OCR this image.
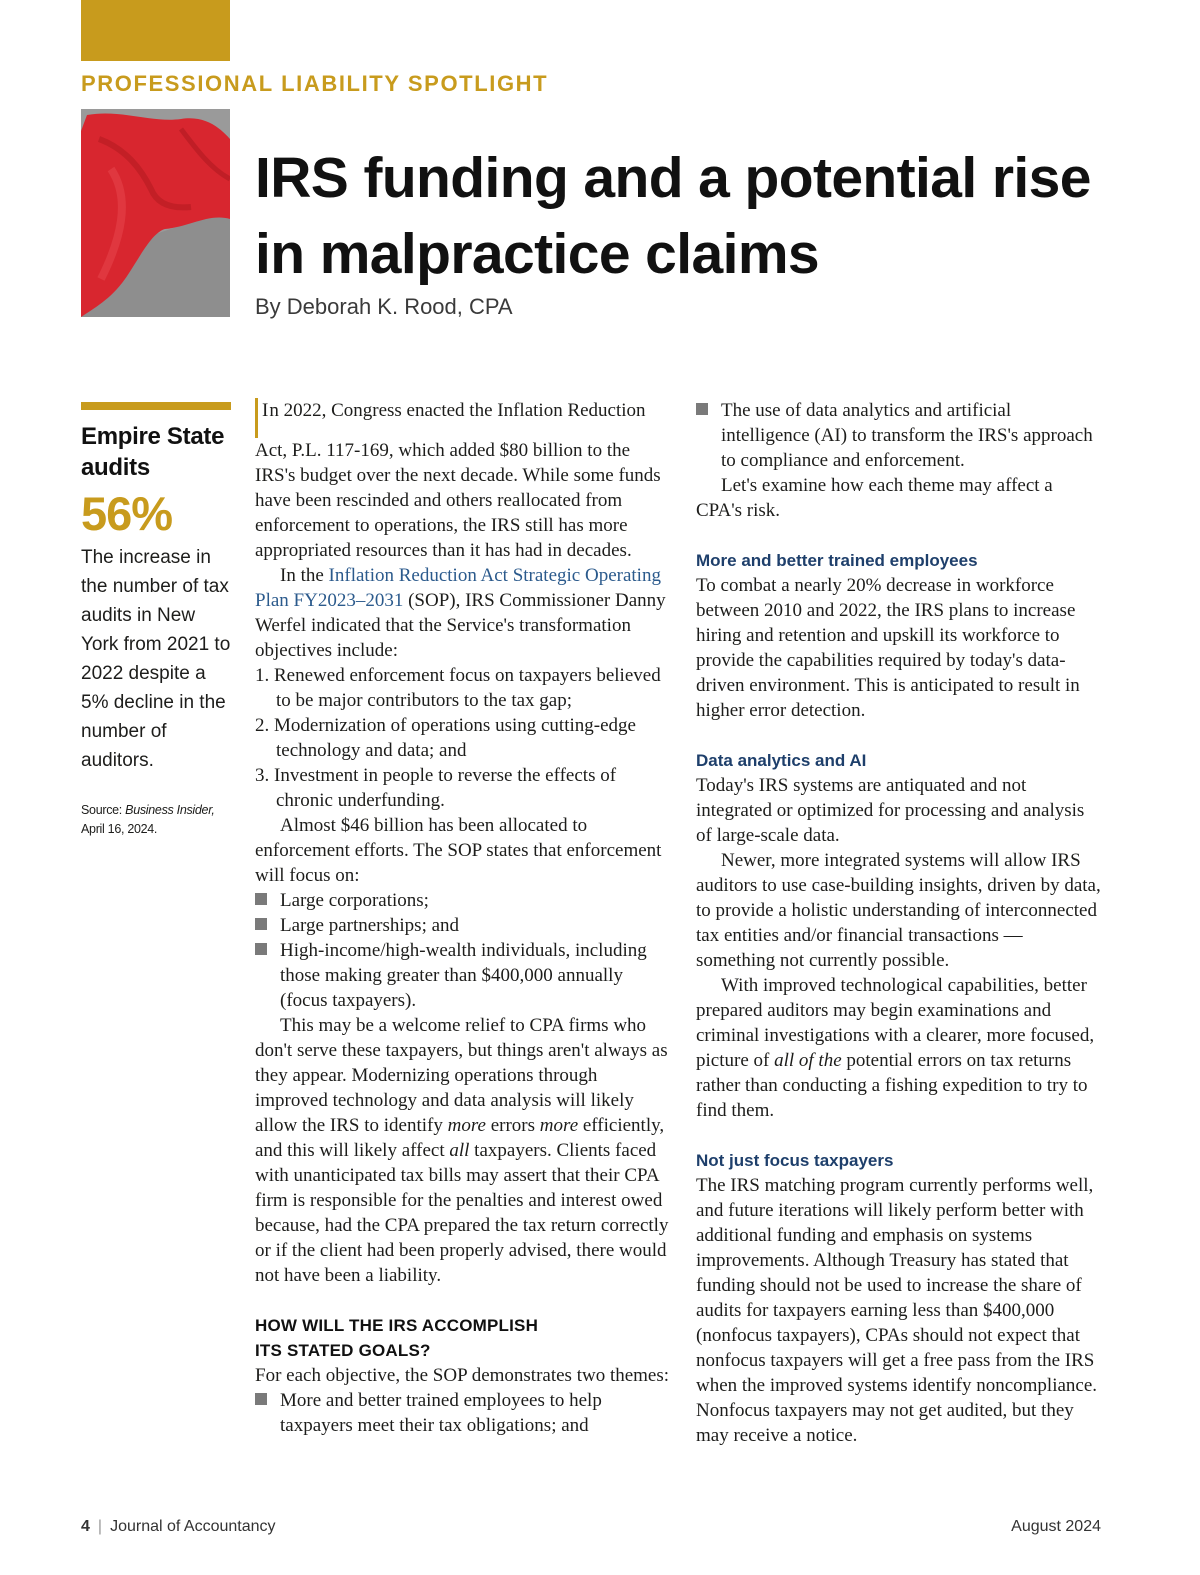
PROFESSIONAL LIABILITY SPOTLIGHT
IRS funding and a potential rise
in malpractice claims
By Deborah K. Rood, CPA
Empire State audits
56%
The increase in the number of tax audits in New York from 2021 to 2022 despite a 5% decline in the number of auditors.
Source: Business Insider,
April 16, 2024.

In 2022, Congress enacted the Inflation Reduction Act, P.L. 117-169, which added $80 billion to the IRS's budget over the next decade. While some funds have been rescinded and others reallocated from enforcement to operations, the IRS still has more appropriated resources than it has had in decades.

In the Inflation Reduction Act Strategic Operating Plan FY2023–2031 (SOP), IRS Commissioner Danny Werfel indicated that the Service's transformation objectives include:

1. Renewed enforcement focus on taxpayers believed to be major contributors to the tax gap;
2. Modernization of operations using cutting-edge technology and data; and
3. Investment in people to reverse the effects of chronic underfunding.

Almost $46 billion has been allocated to enforcement efforts. The SOP states that enforcement will focus on:

Large corporations;
Large partnerships; and
High-income/high-wealth individuals, including those making greater than $400,000 annually (focus taxpayers).

This may be a welcome relief to CPA firms who don't serve these taxpayers, but things aren't always as they appear. Modernizing operations through improved technology and data analysis will likely allow the IRS to identify more errors more efficiently, and this will likely affect all taxpayers. Clients faced with unanticipated tax bills may assert that their CPA firm is responsible for the penalties and interest owed because, had the CPA prepared the tax return correctly or if the client had been properly advised, there would not have been a liability.

HOW WILL THE IRS ACCOMPLISH
ITS STATED GOALS?

For each objective, the SOP demonstrates two themes:

More and better trained employees to help taxpayers meet their tax obligations; and
The use of data analytics and artificial intelligence (AI) to transform the IRS's approach to compliance and enforcement.

Let's examine how each theme may affect a CPA's risk.

More and better trained employees

To combat a nearly 20% decrease in workforce between 2010 and 2022, the IRS plans to increase hiring and retention and upskill its workforce to provide the capabilities required by today's data-driven environment. This is anticipated to result in higher error detection.

Data analytics and AI

Today's IRS systems are antiquated and not integrated or optimized for processing and analysis of large-scale data.

Newer, more integrated systems will allow IRS auditors to use case-building insights, driven by data, to provide a holistic understanding of interconnected tax entities and/or financial transactions — something not currently possible.

With improved technological capabilities, better prepared auditors may begin examinations and criminal investigations with a clearer, more focused, picture of all of the potential errors on tax returns rather than conducting a fishing expedition to try to find them.

Not just focus taxpayers

The IRS matching program currently performs well, and future iterations will likely perform better with additional funding and emphasis on systems improvements. Although Treasury has stated that funding should not be used to increase the share of audits for taxpayers earning less than $400,000 (nonfocus taxpayers), CPAs should not expect that nonfocus taxpayers will get a free pass from the IRS when the improved systems identify noncompliance. Nonfocus taxpayers may not get audited, but they may receive a notice.

4 | Journal of Accountancy	August 2024
